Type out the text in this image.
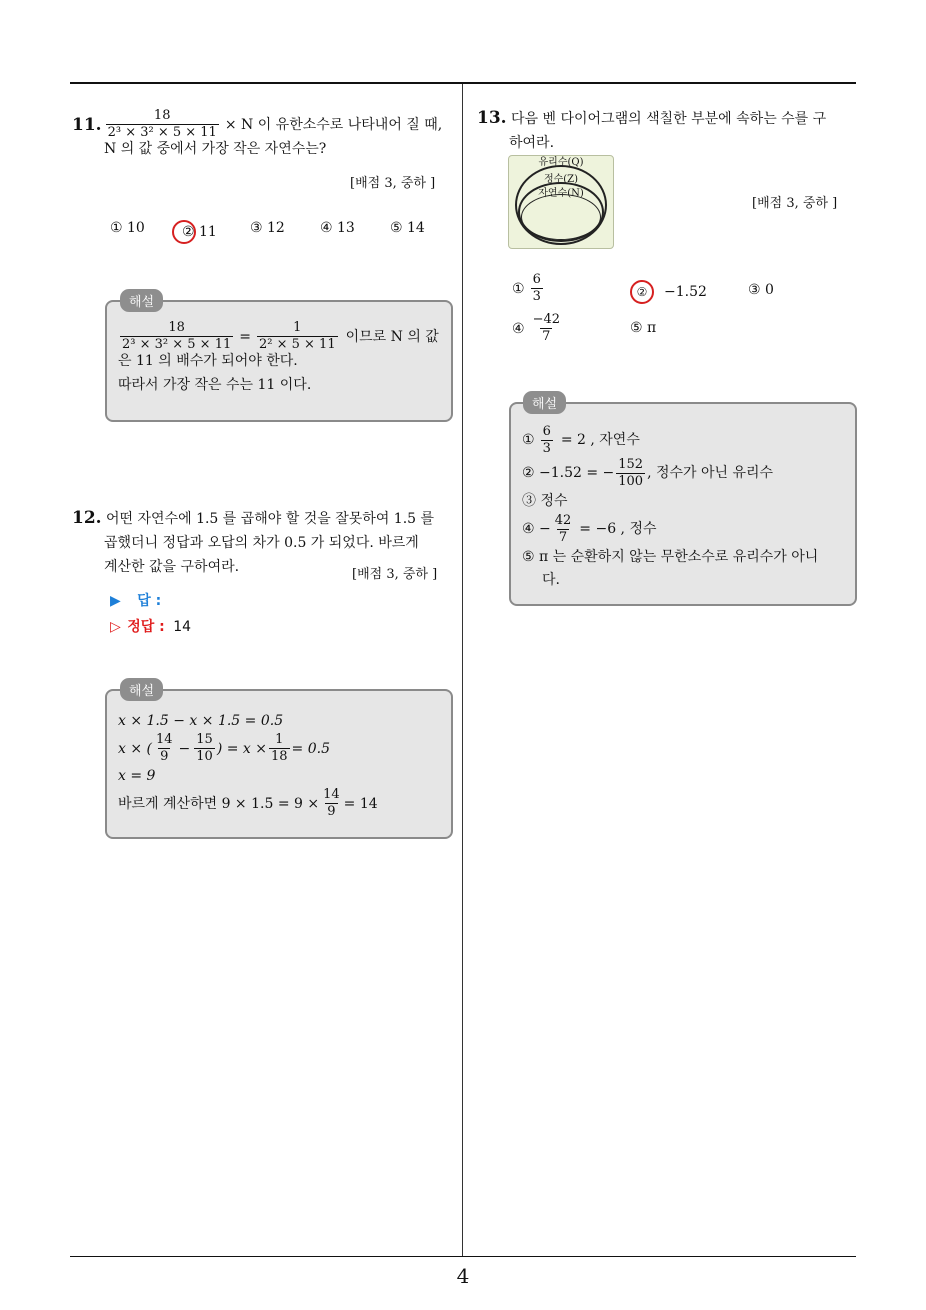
4
11. $\frac{18}{\text{2³ × 3² × 5 × 11}} \times N$ 이 유한소수로 나타내어 질 때,
N 의 값 중에서 가장 작은 자연수는?
[배점 3, 중하 ]
① 10	② 11	③ 12	④ 13	⑤ 14
해설
$\frac{18}{\text{2³ × 3² × 5 × 11}} = \frac{1}{\text{2² × 5 × 11}}$ 이므로 N 의 값
은 11 의 배수가 되어야 한다.
따라서 가장 작은 수는 11 이다.
12. 어떤 자연수에 1.5 를 곱해야 할 것을 잘못하여 1.5 를
곱했더니 정답과 오답의 차가 0.5 가 되었다. 바르게
계산한 값을 구하여라.	[배점 3, 중하 ]
▶ 답 :
▷ 정답 : 14
해설
x × 1.5̇ − x × 1.5 = 0.5
x × ( $\frac{14}{9} - \frac{15}{10}$ ) = $x \times \frac{1}{18} = 0.5$
x = 9
바르게 계산하면 9 × 1.5̇ = $9 \times \frac{14}{9} = 14$
13. 다음 벤 다이어그램의 색칠한 부분에 속하는 수를 구
하여라.
유리수(Q)
정수(Z)
자연수(N)
[배점 3, 중하 ]
① $\frac{6}{3}$	②	−1.52	③ 0
④ $\frac{-42}{7}$	⑤ π
해설
① $\frac{6}{3} = 2$ , 자연수
② −1.52 = − $\frac{152}{100}$ , 정수가 아닌 유리수
③ 정수
④ − $\frac{42}{7} = -6$ , 정수
⑤ π 는 순환하지 않는 무한소수로 유리수가 아니
다.
